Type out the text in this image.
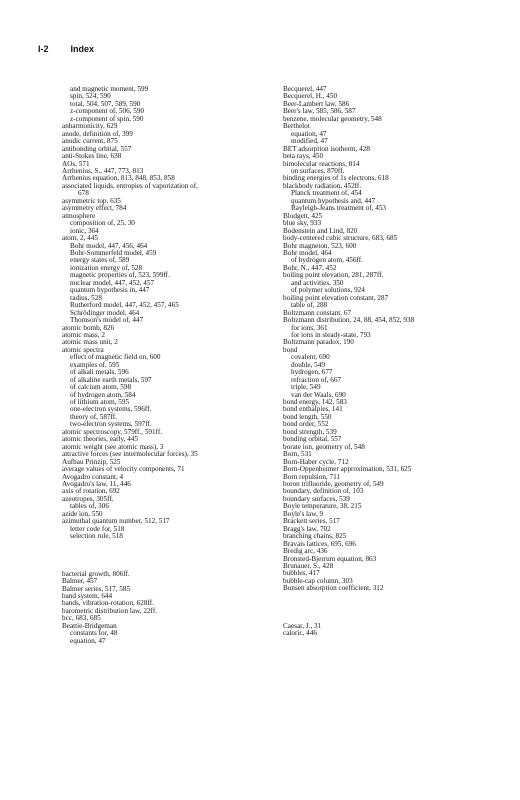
I-2 Index
and magnetic moment, 599
spin, 524, 590
total, 504, 507, 589, 590
z-component of, 506, 590
z-component of spin, 590
anharmonicity, 629
anode, definition of, 399
anodic current, 875
antibonding orbital, 557
anti-Stokes line, 638
AOs, 571
Arrhenius, S., 447, 773, 813
Arrhenius equation, 813, 848, 853, 858
associated liquids, entropies of vaporization of,
678
asymmetric top, 635
asymmetry effect, 784
atmosphere
composition of, 25, 30
ionic, 364
atom, 2, 445
Bohr model, 447, 456, 464
Bohr-Sommerfeld model, 459
energy states of, 589
ionization energy of, 528
magnetic properties of, 523, 599ff.
nuclear model, 447, 452, 457
quantum hypothesis in, 447
radius, 528
Rutherford model, 447, 452, 457, 465
Schrödinger model, 464
Thomson's model of, 447
atomic bomb, 826
atomic mass, 2
atomic mass unit, 2
atomic spectra
effect of magnetic field on, 600
examples of, 595
of alkali metals, 596
of alkaline earth metals, 597
of calcium atom, 598
of hydrogen atom, 584
of lithium atom, 595
one-electron systems, 596ff.
theory of, 587ff.
two-electron systems, 597ff.
atomic spectroscopy, 579ff., 591ff.
atomic theories, early, 445
atomic weight (see atomic mass), 3
attractive forces (see intermolecular forces), 35
Aufbau Prinzip, 525
average values of velocity components, 71
Avogadro constant, 4
Avogadro's law, 11, 446
axis of rotation, 692
azeotropes, 305ff.
tables of, 306
azide ion, 550
azimuthal quantum number, 512, 517
letter code for, 518
selection rule, 518
bacterial growth, 806ff.
Balmer, 457
Balmer series, 517, 585
band system, 644
bands, vibration-rotation, 628ff.
barometric distribution law, 22ff.
bcc, 683, 685
Beattie-Bridgeman
constants for, 48
equation, 47
Becquerel, 447
Becquerel, H., 450
Beer-Lambert law, 586
Beer's law, 585, 586, 587
benzene, molecular geometry, 548
Berthelot
equation, 47
modified, 47
BET adsorption isotherm, 428
beta rays, 450
bimolecular reactions, 814
on surfaces, 870ff.
binding energies of 1s electrons, 618
blackbody radiation, 452ff.
Planck treatment of, 454
quantum hypothesis and, 447
Rayleigh-Jeans treatment of, 453
Blodgett, 425
blue sky, 933
Bodenstein and Lind, 820
body-centered cubic structure, 683, 685
Bohr magneton, 523, 600
Bohr model, 464
of hydrogen atom, 456ff.
Bohr, N., 447, 452
boiling point elevation, 281, 287ff.
and activities, 350
of polymer solutions, 924
boiling point elevation constant, 287
table of, 288
Boltzmann constant, 67
Boltzmann distribution, 24, 88, 454, 852, 938
for ions, 361
for ions in steady-state, 793
Boltzmann paradox, 190
bond
covalent, 690
double, 549
hydrogen, 677
refraction of, 667
triple, 549
van der Waals, 690
bond energy, 142, 583
bond enthalpies, 141
bond length, 550
bond order, 552
bond strength, 539
bonding orbital, 557
borate ion, geometry of, 548
Born, 531
Born-Haber cycle, 712
Born-Oppenheimer approximation, 531, 625
Born repulsion, 711
boron trifluoride, geometry of, 549
boundary, definition of, 103
boundary surfaces, 539
Boyle temperature, 38, 215
Boyle's law, 9
Brackett series, 517
Bragg's law, 702
branching chains, 825
Bravais lattices, 695, 696
Bredig arc, 436
Bronsted-Bjerrum equation, 863
Brunauer, S., 428
bubbles, 417
bubble-cap column, 303
Bunsen absorption coefficient, 312
Caesar, J., 31
caloric, 446
